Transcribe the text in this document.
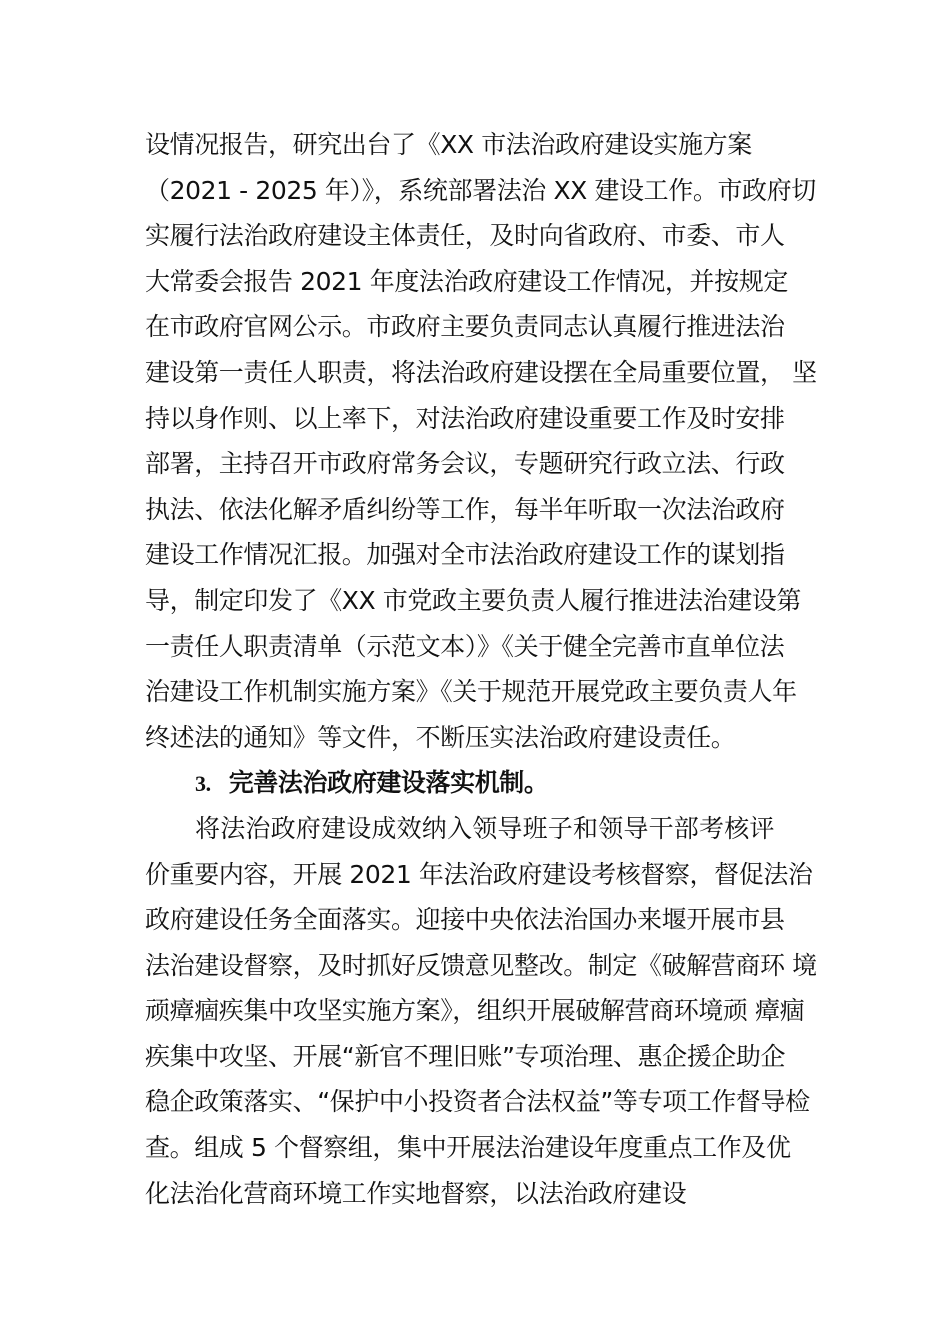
设情况报告，研究出台了《XX 市法治政府建设实施方案
（2021 - 2025 年）》，系统部署法治 XX 建设工作。市政府切
实履行法治政府建设主体责任，及时向省政府、市委、市人
大常委会报告 2021 年度法治政府建设工作情况，并按规定
在市政府官网公示。市政府主要负责同志认真履行推进法治
建设第一责任人职责，将法治政府建设摆在全局重要位置， 坚
持以身作则、以上率下，对法治政府建设重要工作及时安排
部署，主持召开市政府常务会议，专题研究行政立法、行政
执法、依法化解矛盾纠纷等工作，每半年听取一次法治政府
建设工作情况汇报。加强对全市法治政府建设工作的谋划指
导，制定印发了《XX 市党政主要负责人履行推进法治建设第
一责任人职责清单（示范文本）》《关于健全完善市直单位法
治建设工作机制实施方案》《关于规范开展党政主要负责人年
终述法的通知》等文件，不断压实法治政府建设责任。
3. 完善法治政府建设落实机制。
将法治政府建设成效纳入领导班子和领导干部考核评
价重要内容，开展 2021 年法治政府建设考核督察，督促法治
政府建设任务全面落实。迎接中央依法治国办来堰开展市县
法治建设督察，及时抓好反馈意见整改。制定《破解营商环 境
顽瘴痼疾集中攻坚实施方案》，组织开展破解营商环境顽 瘴痼
疾集中攻坚、开展“新官不理旧账”专项治理、惠企援企助企
稳企政策落实、“保护中小投资者合法权益”等专项工作督导检
查。组成 5 个督察组，集中开展法治建设年度重点工作及优
化法治化营商环境工作实地督察，以法治政府建设
